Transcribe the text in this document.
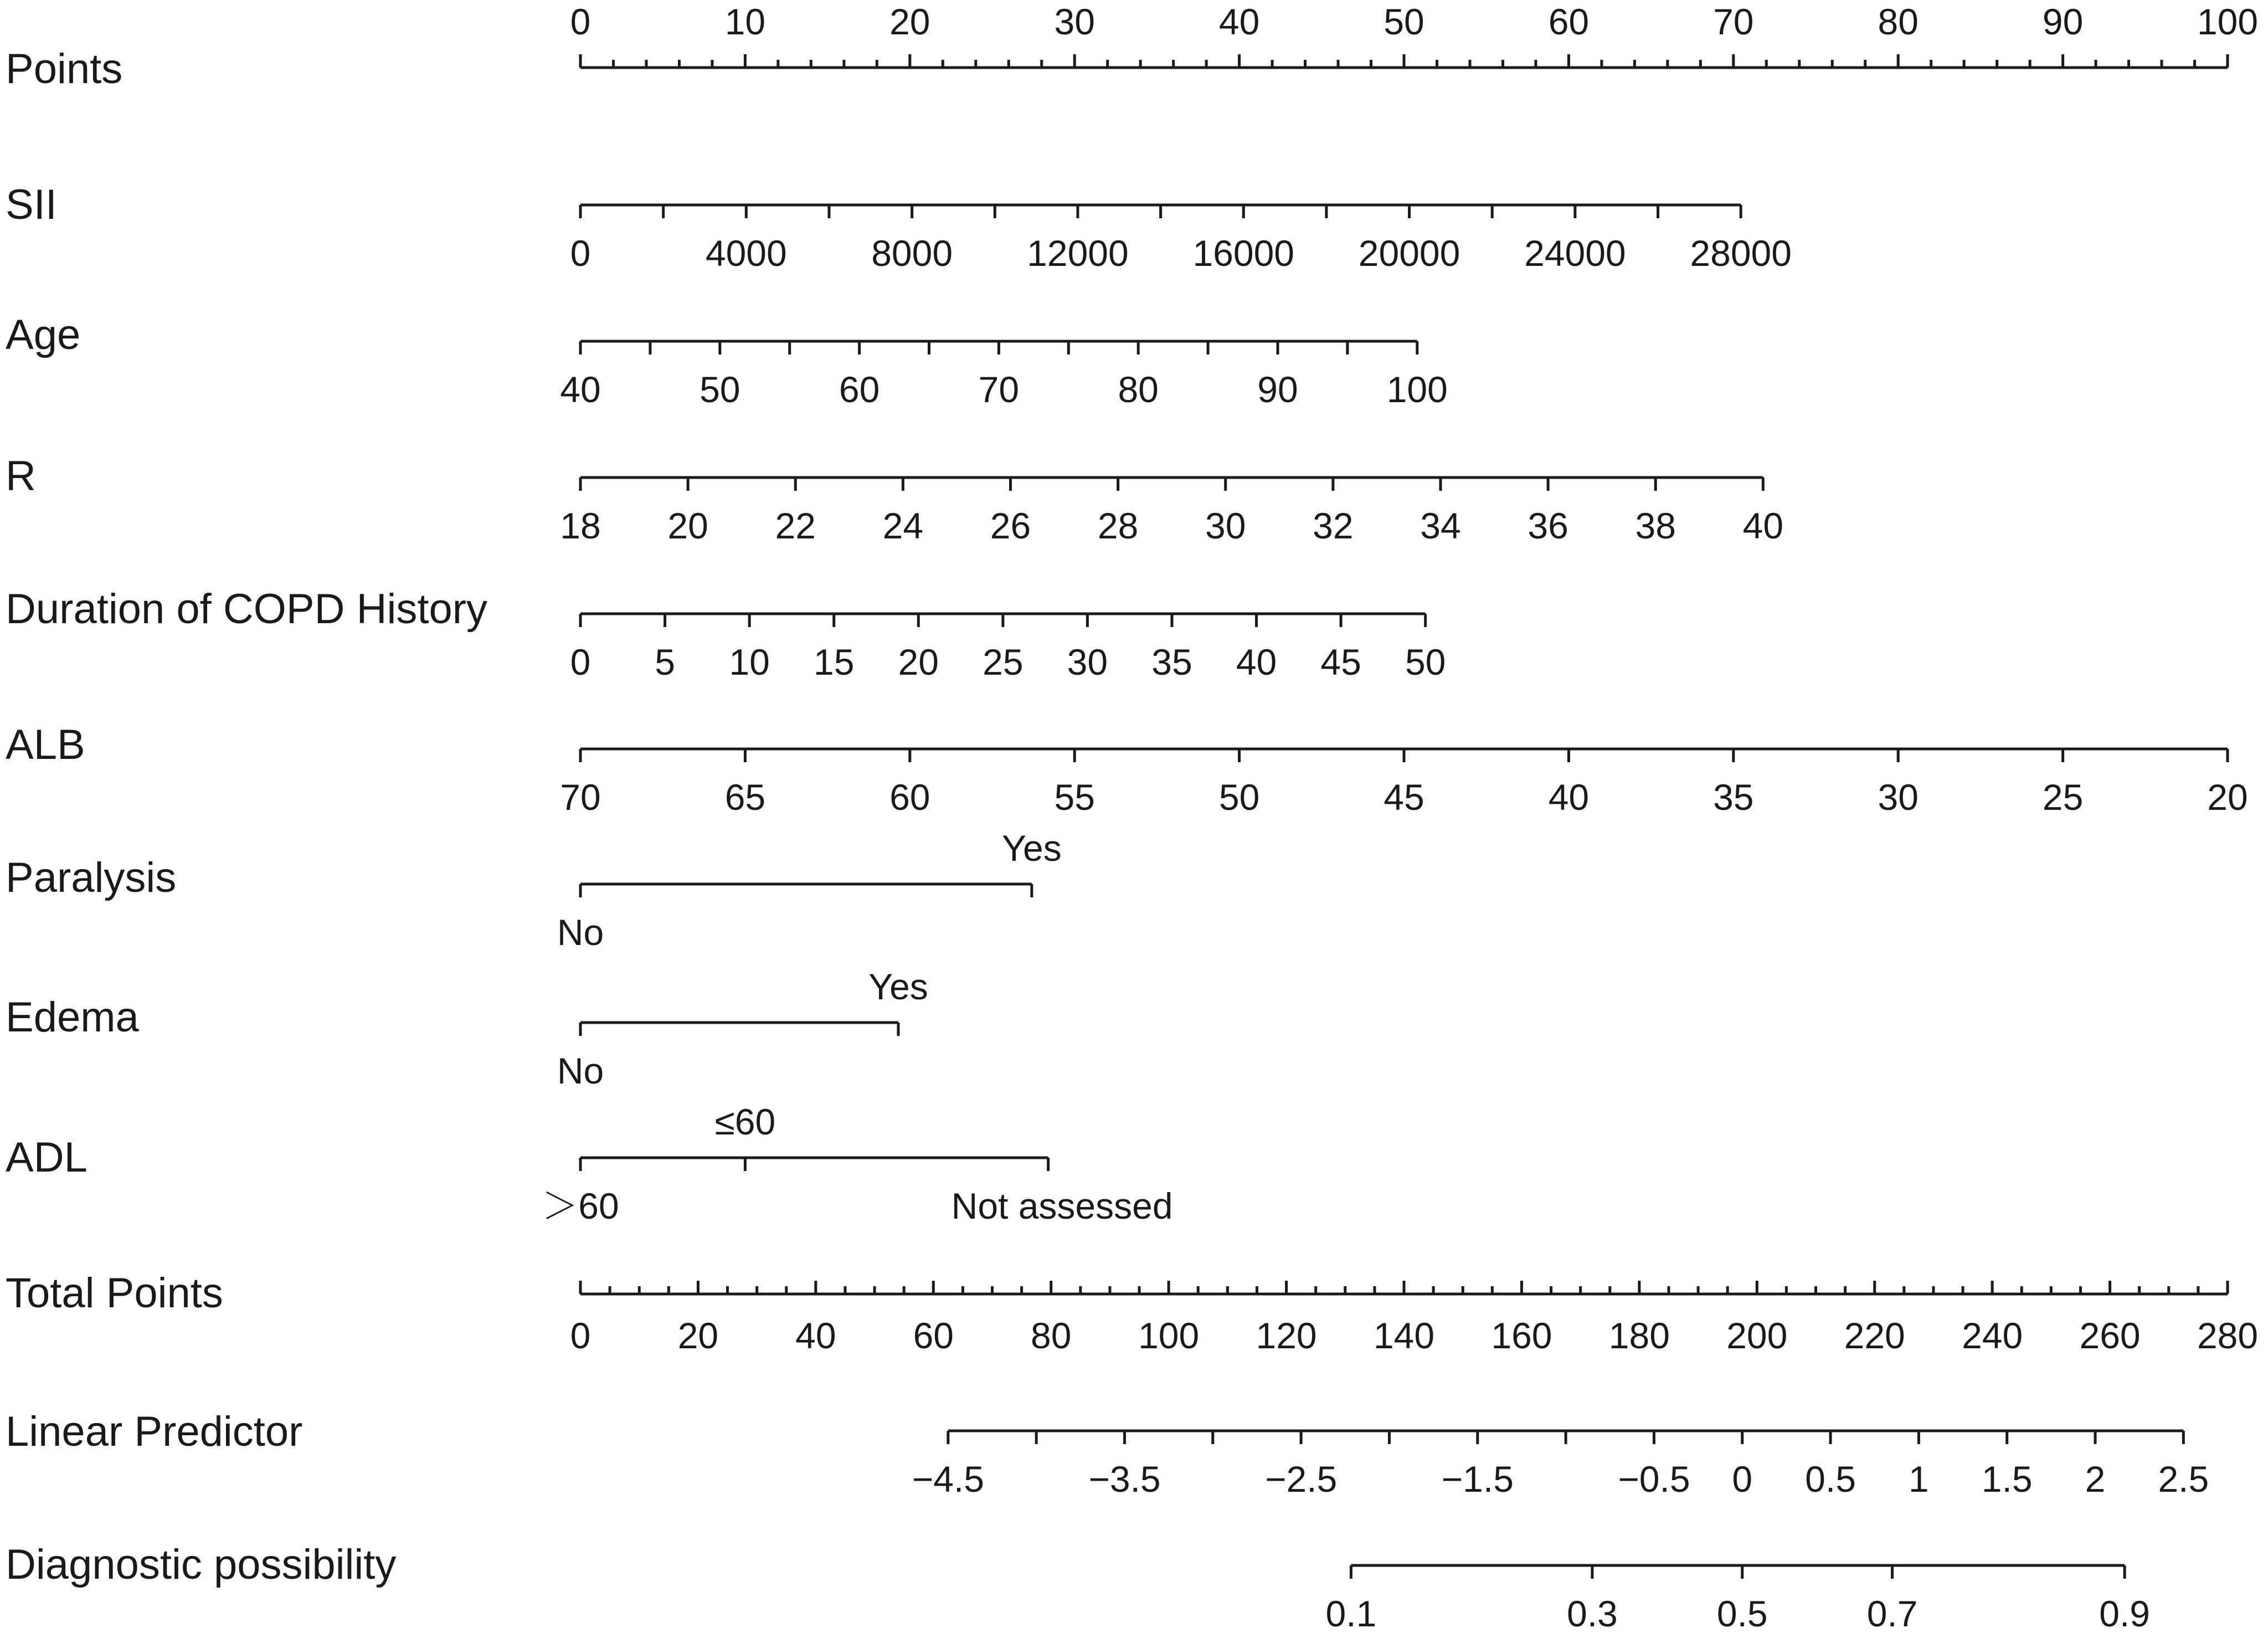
Points
0	10	20	30	40	50	60	70	80	90	100
SII
0	4000 8000 12000 16000 20000 24000 28000
Age
40	50	60	70	80	90 100
R
18 20 22 24 26 28 30 32 34 36 38 40
Duration of COPD History
0 5 10 15 20 25 30 35 40 45 50
ALB
70	65	60	55	50	45	40	35	30	25	20
Paralysis
No
Yes
Edema
No
Yes
ADL
＞60
≤60
Not assessed
Total Points
0 20 40 60 80 100 120 140 160 180 200 220 240 260 280
Linear Predictor
−4.5	−3.5	−2.5	−1.5	−0.5 0 0.5 1 1.5 2 2.5
Diagnostic possibility
0.1	0.3	0.5	0.7	0.9
